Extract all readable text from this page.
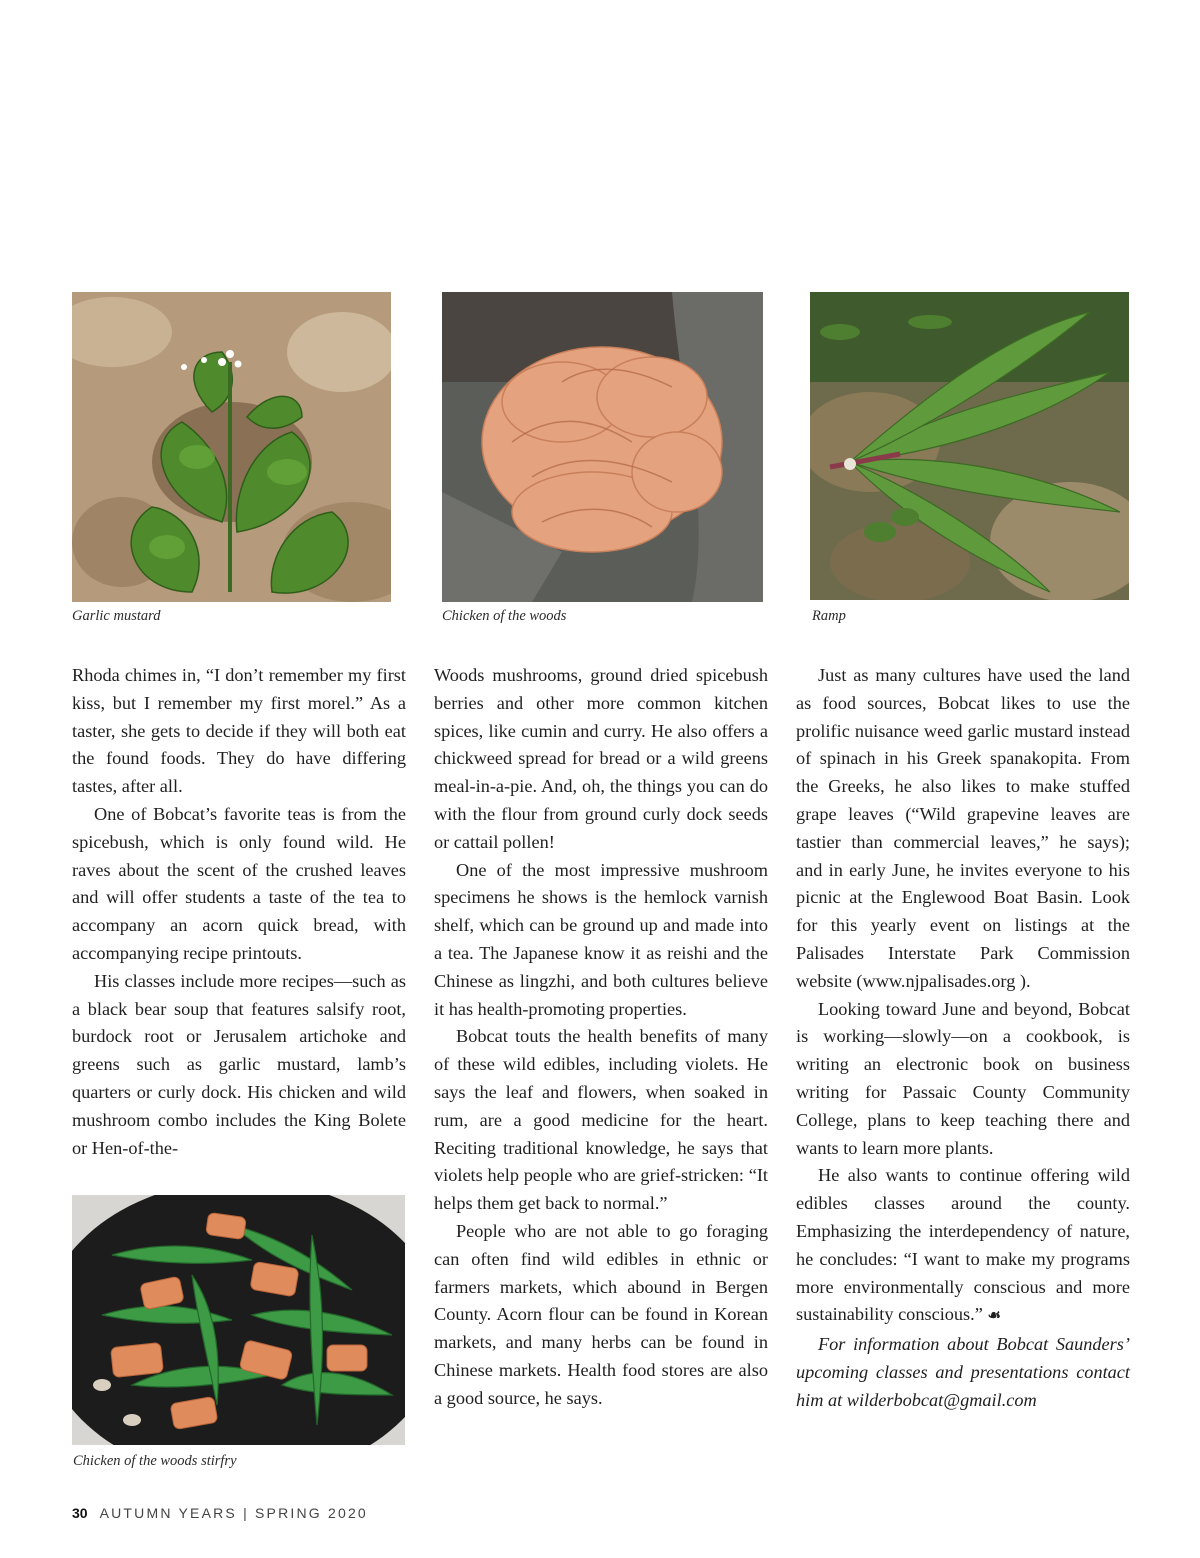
Garlic mustard	Chicken of the woods	Ramp
Chicken of the woods stirfry

Rhoda chimes in, “I don’t remember my first kiss, but I remember my first morel.” As a taster, she gets to decide if they will both eat the found foods. They do have differing tastes, after all.

One of Bobcat’s favorite teas is from the spicebush, which is only found wild. He raves about the scent of the crushed leaves and will offer students a taste of the tea to accompany an acorn quick bread, with accompanying recipe printouts.

His classes include more recipes—such as a black bear soup that features salsify root, burdock root or Jerusalem artichoke and greens such as garlic mustard, lamb’s quarters or curly dock. His chicken and wild mushroom combo includes the King Bolete or Hen-of-the-

Woods mushrooms, ground dried spicebush berries and other more common kitchen spices, like cumin and curry. He also offers a chickweed spread for bread or a wild greens meal-in-a-pie. And, oh, the things you can do with the flour from ground curly dock seeds or cattail pollen!

One of the most impressive mushroom specimens he shows is the hemlock varnish shelf, which can be ground up and made into a tea. The Japanese know it as reishi and the Chinese as lingzhi, and both cultures believe it has health-promoting properties.

Bobcat touts the health benefits of many of these wild edibles, including violets. He says the leaf and flowers, when soaked in rum, are a good medicine for the heart. Reciting traditional knowledge, he says that violets help people who are grief-stricken: “It helps them get back to normal.”

People who are not able to go foraging can often find wild edibles in ethnic or farmers markets, which abound in Bergen County. Acorn flour can be found in Korean markets, and many herbs can be found in Chinese markets. Health food stores are also a good source, he says.

Just as many cultures have used the land as food sources, Bobcat likes to use the prolific nuisance weed garlic mustard instead of spinach in his Greek spanakopita. From the Greeks, he also likes to make stuffed grape leaves (“Wild grapevine leaves are tastier than commercial leaves,” he says); and in early June, he invites everyone to his picnic at the Englewood Boat Basin. Look for this yearly event on listings at the Palisades Interstate Park Commission website (www.njpalisades.org ).

Looking toward June and beyond, Bobcat is working—slowly—on a cookbook, is writing an electronic book on business writing for Passaic County Community College, plans to keep teaching there and wants to learn more plants.

He also wants to continue offering wild edibles classes around the county. Emphasizing the interdependency of nature, he concludes: “I want to make my programs more environmentally conscious and more sustainability conscious.” ☙

For information about Bobcat Saunders’ upcoming classes and presentations contact him at wilderbobcat@gmail.com

30 AUTUMN YEARS | SPRING 2020
